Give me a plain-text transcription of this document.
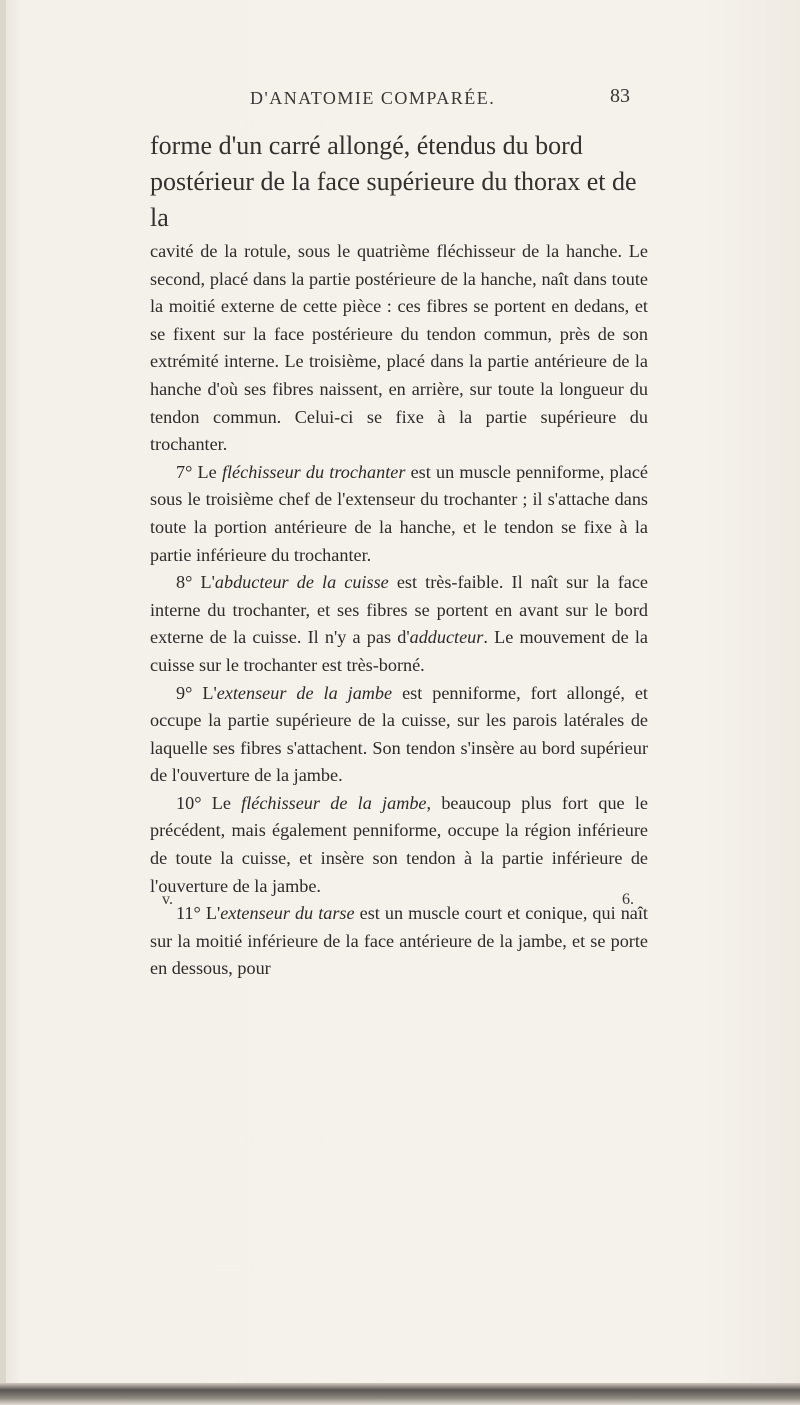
D'ANATOMIE COMPARÉE.	83
forme d'un carré allongé, étendus du bord postérieur de la face supérieure du thorax et de la

cavité de la rotule, sous le quatrième fléchisseur de la hanche. Le second, placé dans la partie postérieure de la hanche, naît dans toute la moitié externe de cette pièce : ces fibres se portent en dedans, et se fixent sur la face postérieure du tendon commun, près de son extrémité interne. Le troisième, placé dans la partie antérieure de la hanche d'où ses fibres naissent, en arrière, sur toute la longueur du tendon commun. Celui-ci se fixe à la partie supérieure du trochanter.

7° Le fléchisseur du trochanter est un muscle penniforme, placé sous le troisième chef de l'extenseur du trochanter ; il s'attache dans toute la portion antérieure de la hanche, et le tendon se fixe à la partie inférieure du trochanter.

8° L'abducteur de la cuisse est très-faible. Il naît sur la face interne du trochanter, et ses fibres se portent en avant sur le bord externe de la cuisse. Il n'y a pas d'adducteur. Le mouvement de la cuisse sur le trochanter est très-borné.

9° L'extenseur de la jambe est penniforme, fort allongé, et occupe la partie supérieure de la cuisse, sur les parois latérales de laquelle ses fibres s'attachent. Son tendon s'insère au bord supérieur de l'ouverture de la jambe.

10° Le fléchisseur de la jambe, beaucoup plus fort que le précédent, mais également penniforme, occupe la région inférieure de toute la cuisse, et insère son tendon à la partie inférieure de l'ouverture de la jambe.

11° L'extenseur du tarse est un muscle court et conique, qui naît sur la moitié inférieure de la face antérieure de la jambe, et se porte en dessous, pour

v.	6.
